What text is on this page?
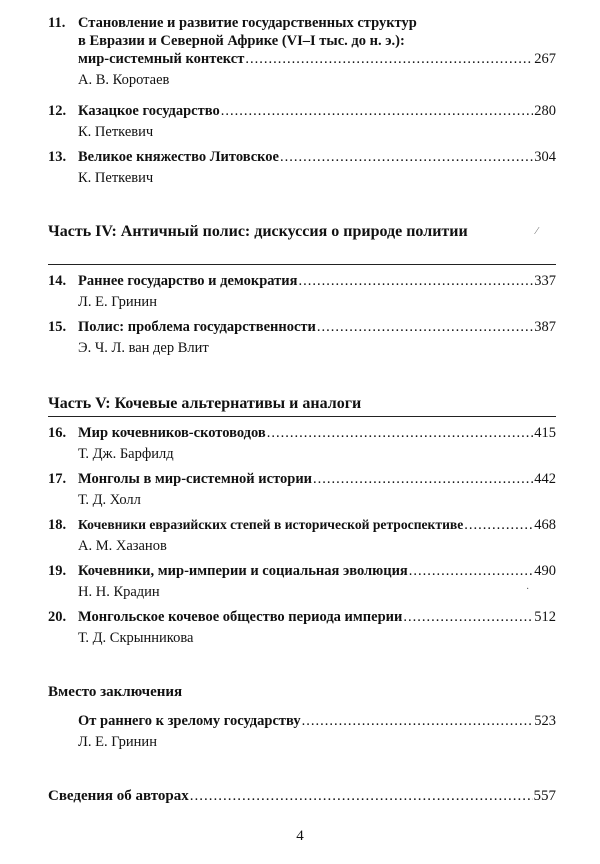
11. Становление и развитие государственных структур
в Евразии и Северной Африке (VI–I тыс. до н. э.):
мир-системный контекст .....	267
А. В. Коротаев
12. Казацкое государство .....	280
К. Петкевич
13. Великое княжество Литовское .....	304
К. Петкевич
Часть IV: Античный полис: дискуссия о природе политии	⁄
14. Раннее государство и демократия .....	337
Л. Е. Гринин
15. Полис: проблема государственности .....	387
Э. Ч. Л. ван дер Влит
Часть V: Кочевые альтернативы и аналоги
16. Мир кочевников-скотоводов .....	415
Т. Дж. Барфилд
17. Монголы в мир-системной истории .....	442
Т. Д. Холл
18. Кочевники евразийских степей в исторической ретроспективе .....	468
А. М. Хазанов
19. Кочевники, мир-империи и социальная эволюция .....	490
Н. Н. Крадин	·
20. Монгольское кочевое общество периода империи .....	512
Т. Д. Скрынникова
Вместо заключения
От раннего к зрелому государству .....	523
Л. Е. Гринин
Сведения об авторах .....	557
4
